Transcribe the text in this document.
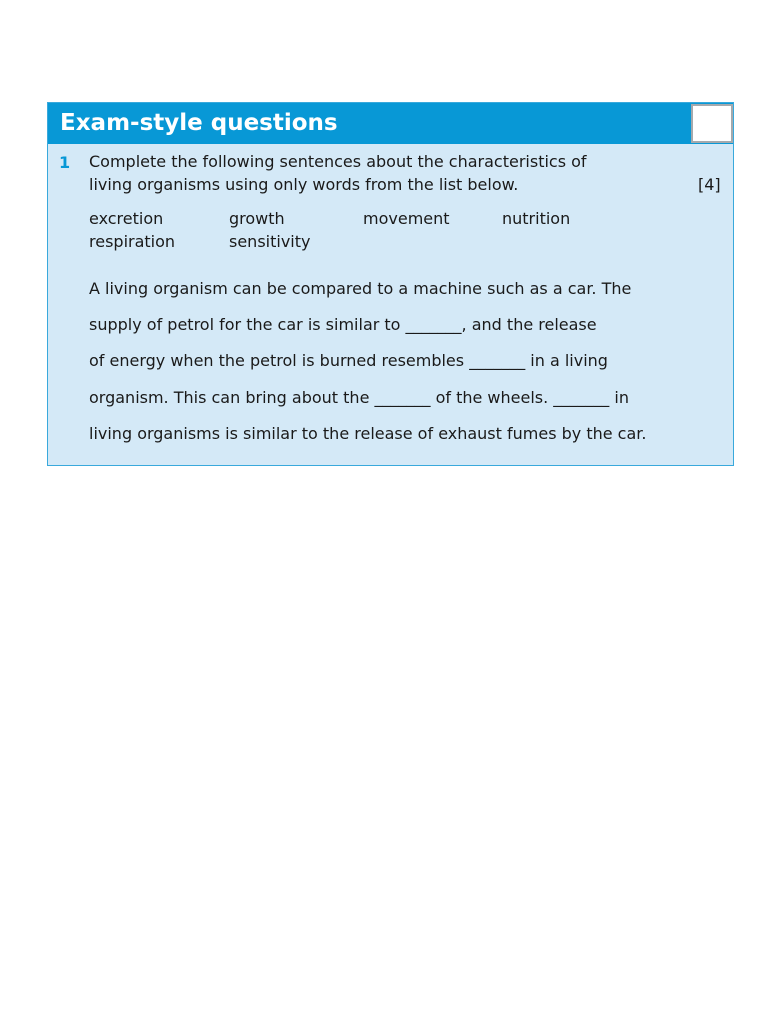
Exam-style questions
1 Complete the following sentences about the characteristics of
living organisms using only words from the list below.	[4]
excretion	growth	movement	nutrition
respiration	sensitivity
A living organism can be compared to a machine such as a car. The
supply of petrol for the car is similar to _______, and the release
of energy when the petrol is burned resembles _______ in a living
organism. This can bring about the _______ of the wheels. _______ in
living organisms is similar to the release of exhaust fumes by the car.
